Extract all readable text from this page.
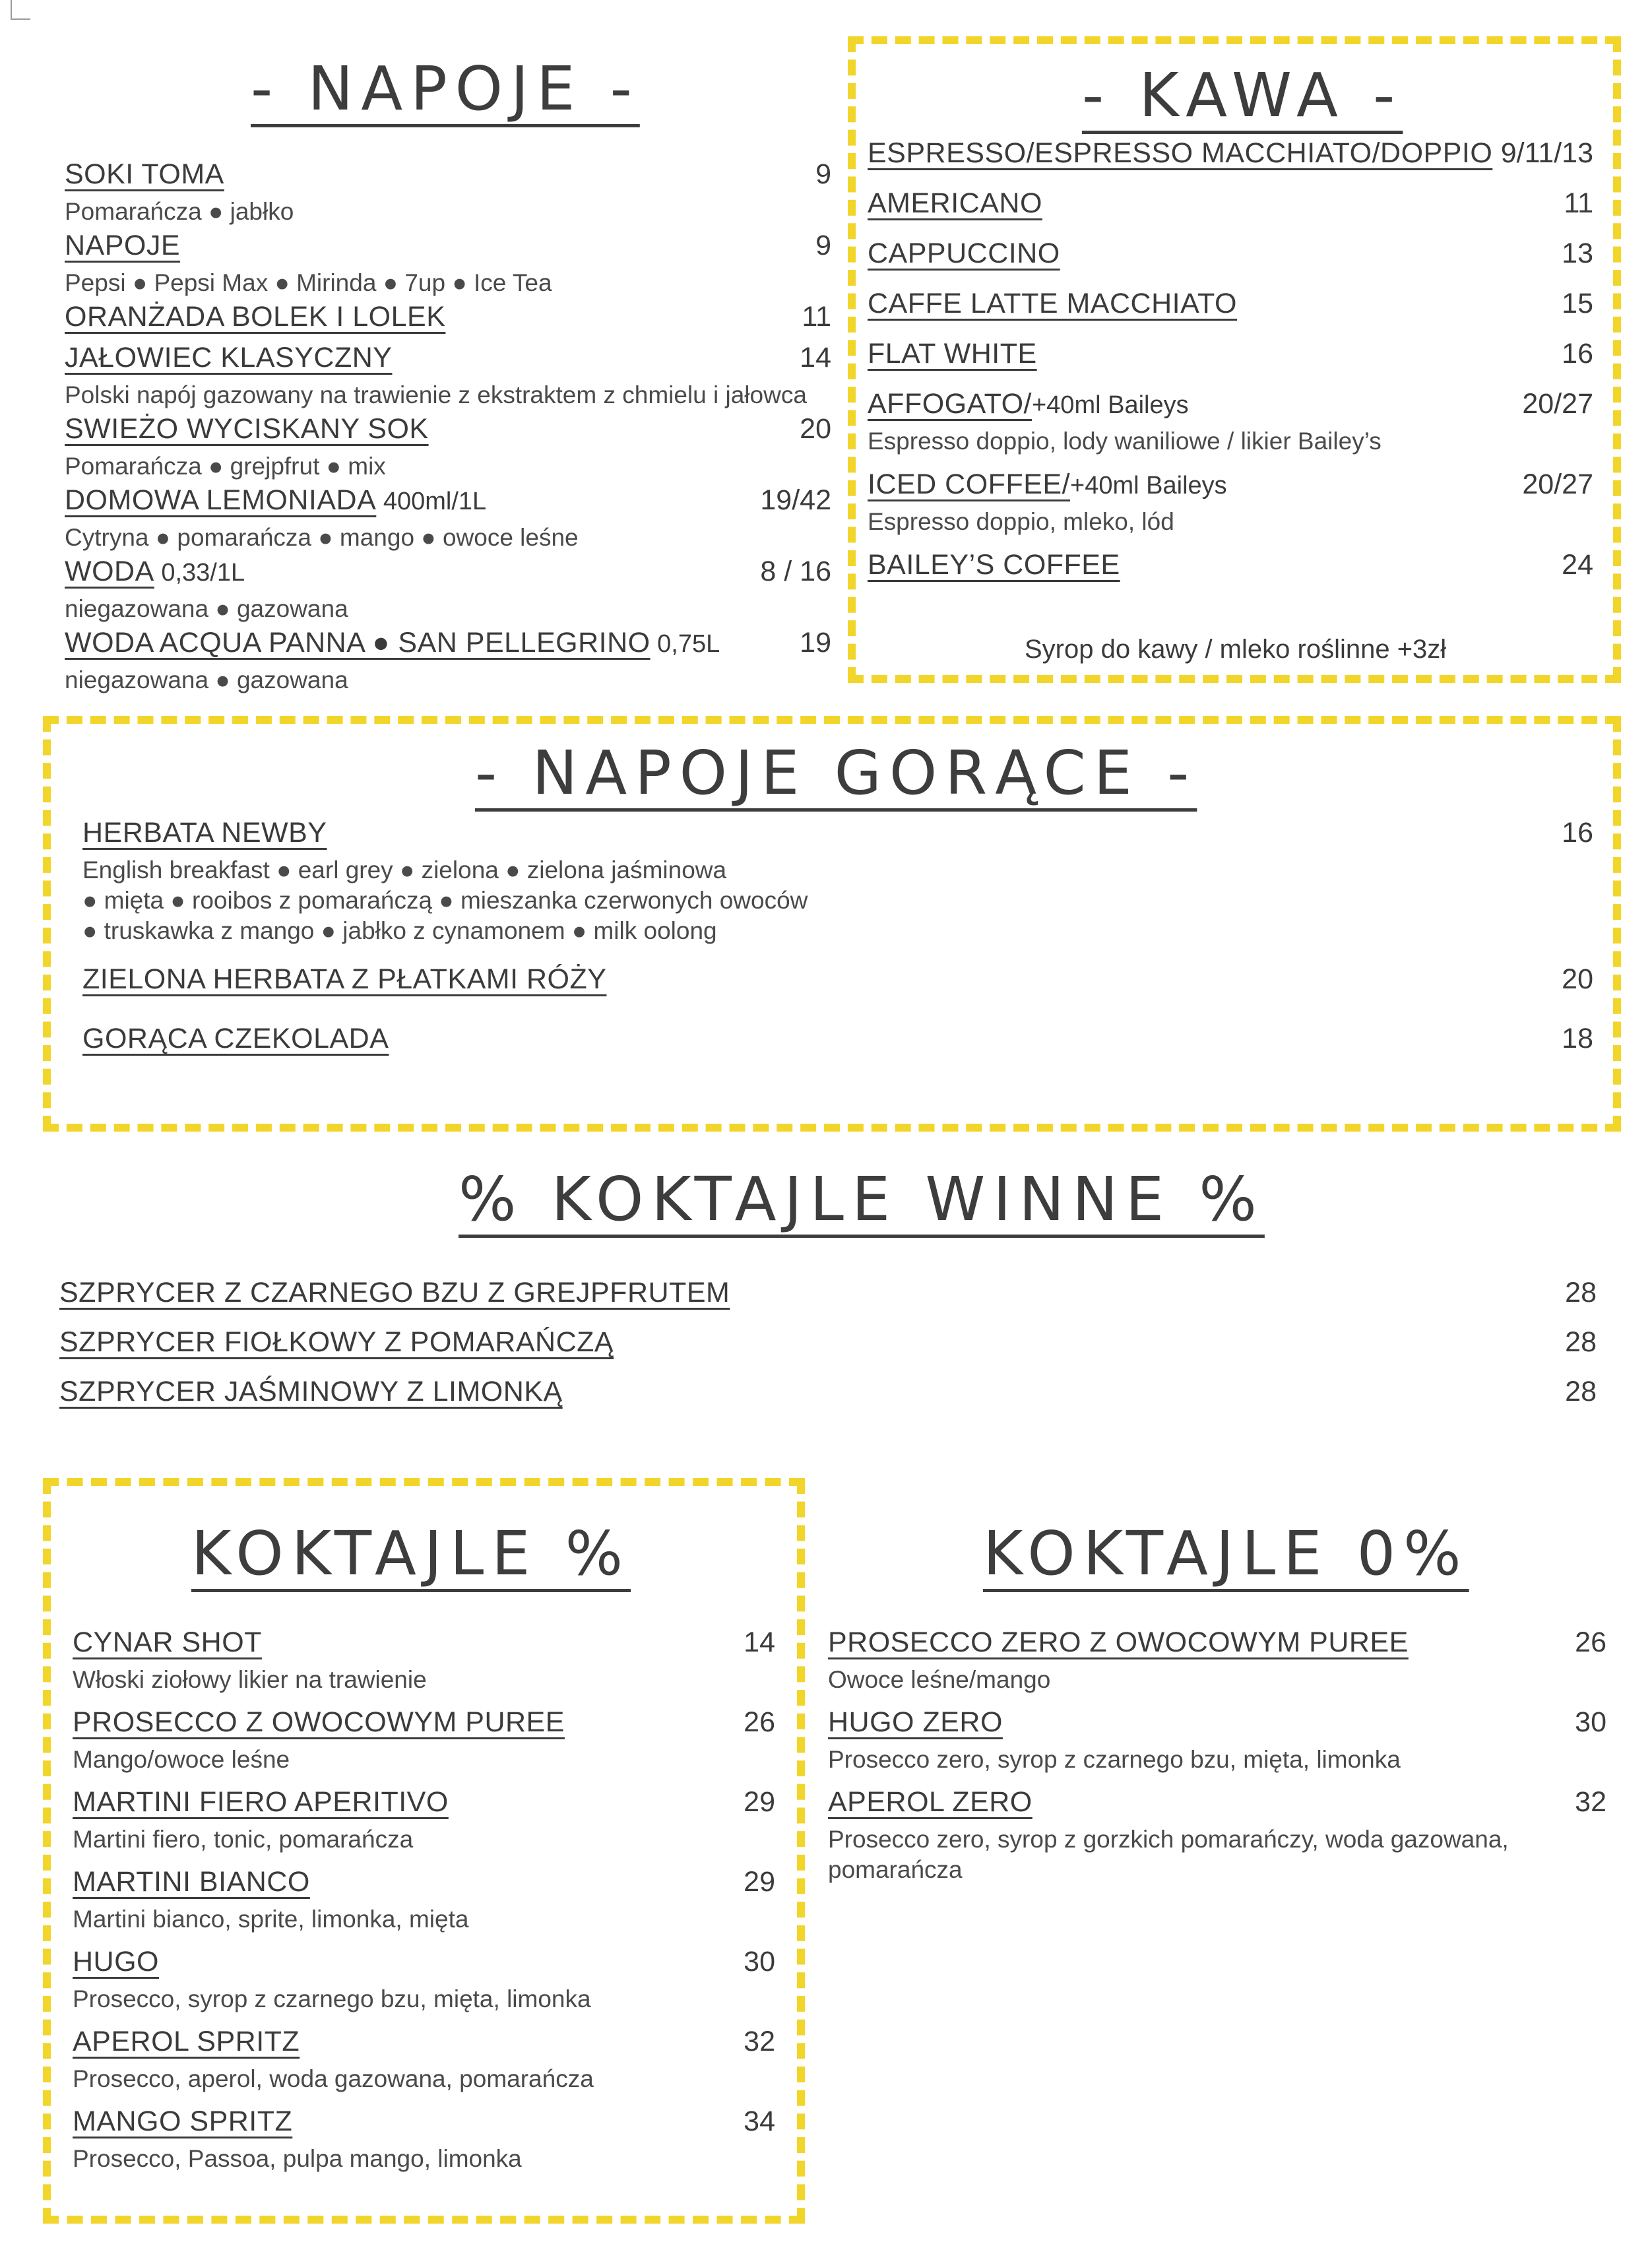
- NAPOJE -
SOKI TOMA	9
Pomarańcza ● jabłko
NAPOJE	9
Pepsi ● Pepsi Max ● Mirinda ● 7up ● Ice Tea
ORANŻADA BOLEK I LOLEK	11
JAŁOWIEC KLASYCZNY	14
Polski napój gazowany na trawienie z ekstraktem z chmielu i jałowca
SWIEŻO WYCISKANY SOK	20
Pomarańcza ● grejpfrut ● mix
DOMOWA LEMONIADA 400ml/1L	19/42
Cytryna ● pomarańcza ● mango ● owoce leśne
WODA 0,33/1L	8 / 16
niegazowana ● gazowana
WODA ACQUA PANNA ● SAN PELLEGRINO 0,75L	19
niegazowana ● gazowana
- KAWA -
ESPRESSO/ESPRESSO MACCHIATO/DOPPIO 9/11/13
AMERICANO	11
CAPPUCCINO	13
CAFFE LATTE MACCHIATO	15
FLAT WHITE	16
AFFOGATO/+40ml Baileys	20/27
Espresso doppio, lody waniliowe / likier Bailey’s
ICED COFFEE/+40ml Baileys	20/27
Espresso doppio, mleko, lód
BAILEY’S COFFEE	24
Syrop do kawy / mleko roślinne +3zł
- NAPOJE GORĄCE -
HERBATA NEWBY	16
English breakfast ● earl grey ● zielona ● zielona jaśminowa
● mięta ● rooibos z pomarańczą ● mieszanka czerwonych owoców
● truskawka z mango ● jabłko z cynamonem ● milk oolong
ZIELONA HERBATA Z PŁATKAMI RÓŻY	20
GORĄCA CZEKOLADA	18
% KOKTAJLE WINNE %
SZPRYCER Z CZARNEGO BZU Z GREJPFRUTEM	28
SZPRYCER FIOŁKOWY Z POMARAŃCZĄ	28
SZPRYCER JAŚMINOWY Z LIMONKĄ	28
KOKTAJLE %
CYNAR SHOT	14
Włoski ziołowy likier na trawienie
PROSECCO Z OWOCOWYM PUREE	26
Mango/owoce leśne
MARTINI FIERO APERITIVO	29
Martini fiero, tonic, pomarańcza
MARTINI BIANCO	29
Martini bianco, sprite, limonka, mięta
HUGO	30
Prosecco, syrop z czarnego bzu, mięta, limonka
APEROL SPRITZ	32
Prosecco, aperol, woda gazowana, pomarańcza
MANGO SPRITZ	34
Prosecco, Passoa, pulpa mango, limonka
KOKTAJLE 0%
PROSECCO ZERO Z OWOCOWYM PUREE	26
Owoce leśne/mango
HUGO ZERO	30
Prosecco zero, syrop z czarnego bzu, mięta, limonka
APEROL ZERO	32
Prosecco zero, syrop z gorzkich pomarańczy, woda gazowana, pomarańcza
